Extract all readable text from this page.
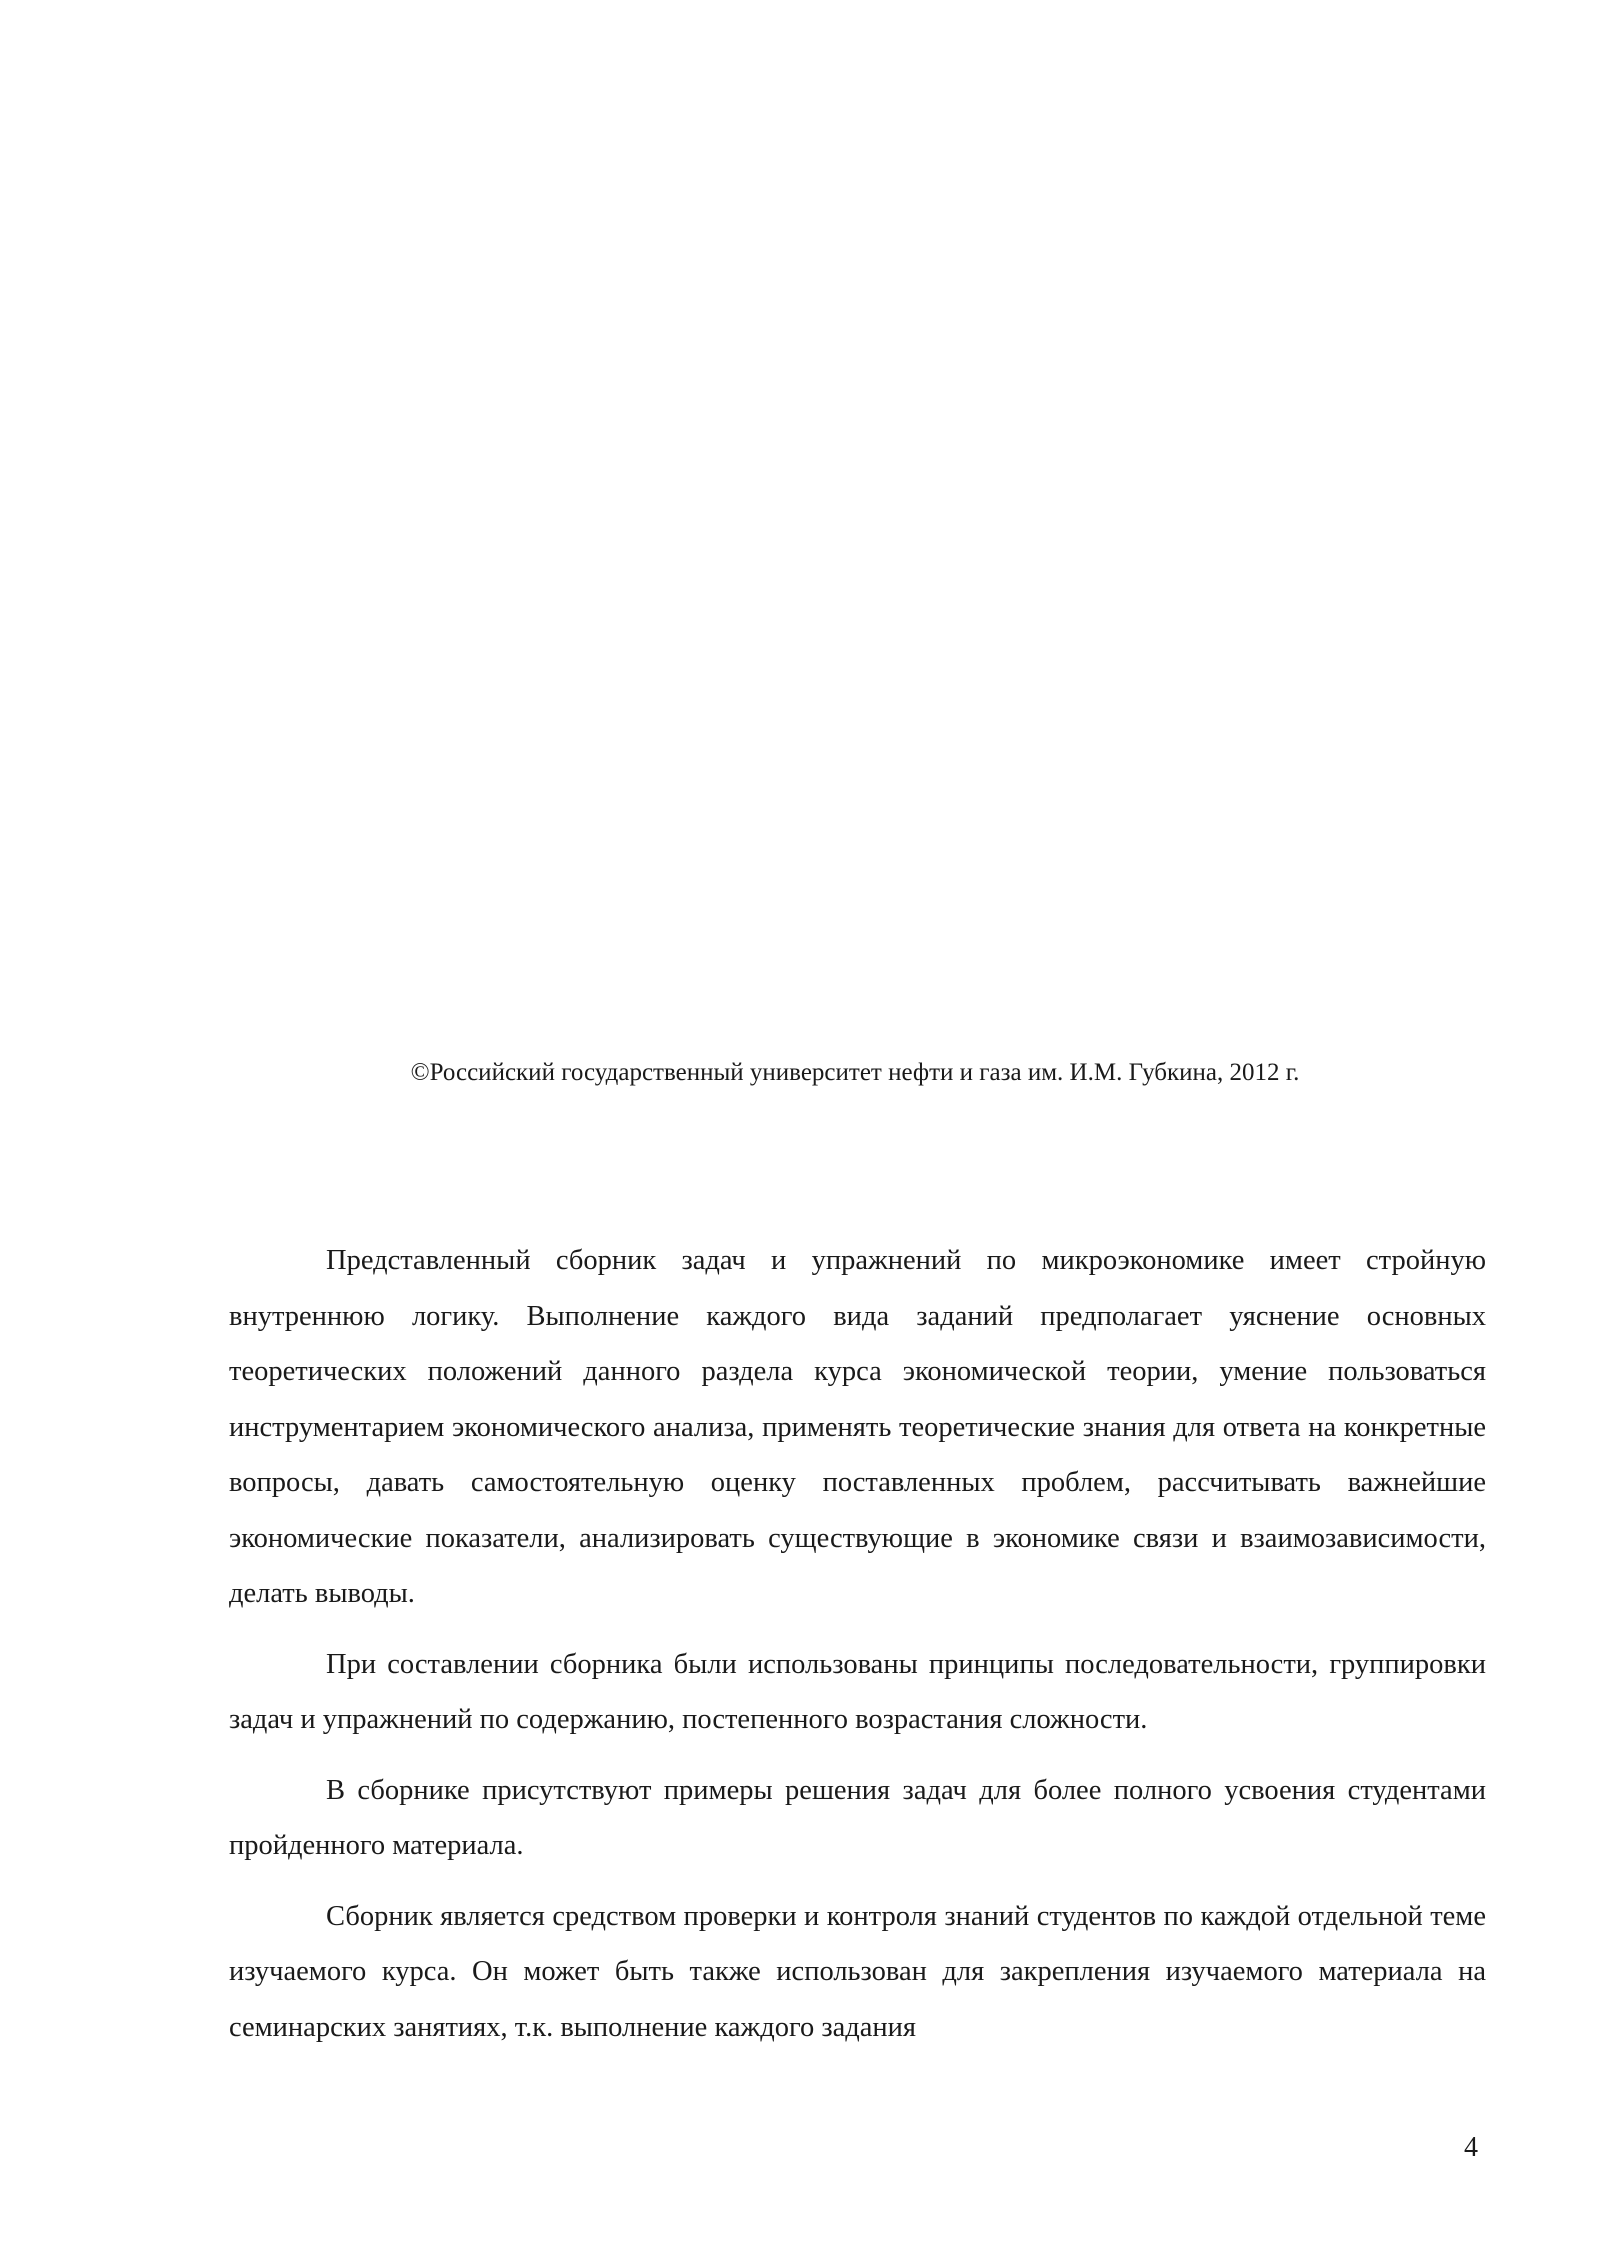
©Российский государственный университет нефти и газа им. И.М. Губкина, 2012 г.

Представленный сборник задач и упражнений по микроэкономике имеет стройную внутреннюю логику. Выполнение каждого вида заданий предполагает уяснение основных теоретических положений данного раздела курса экономической теории, умение пользоваться инструментарием экономического анализа, применять теоретические знания для ответа на конкретные вопросы, давать самостоятельную оценку поставленных проблем, рассчитывать важнейшие экономические показатели, анализировать существующие в экономике связи и взаимозависимости, делать выводы.

При составлении сборника были использованы принципы последовательности, группировки задач и упражнений по содержанию, постепенного возрастания сложности.

В сборнике присутствуют примеры решения задач для более полного усвоения студентами пройденного материала.

Сборник является средством проверки и контроля знаний студентов по каждой отдельной теме изучаемого курса. Он может быть также использован для закрепления изучаемого материала на семинарских занятиях, т.к. выполнение каждого задания

4
